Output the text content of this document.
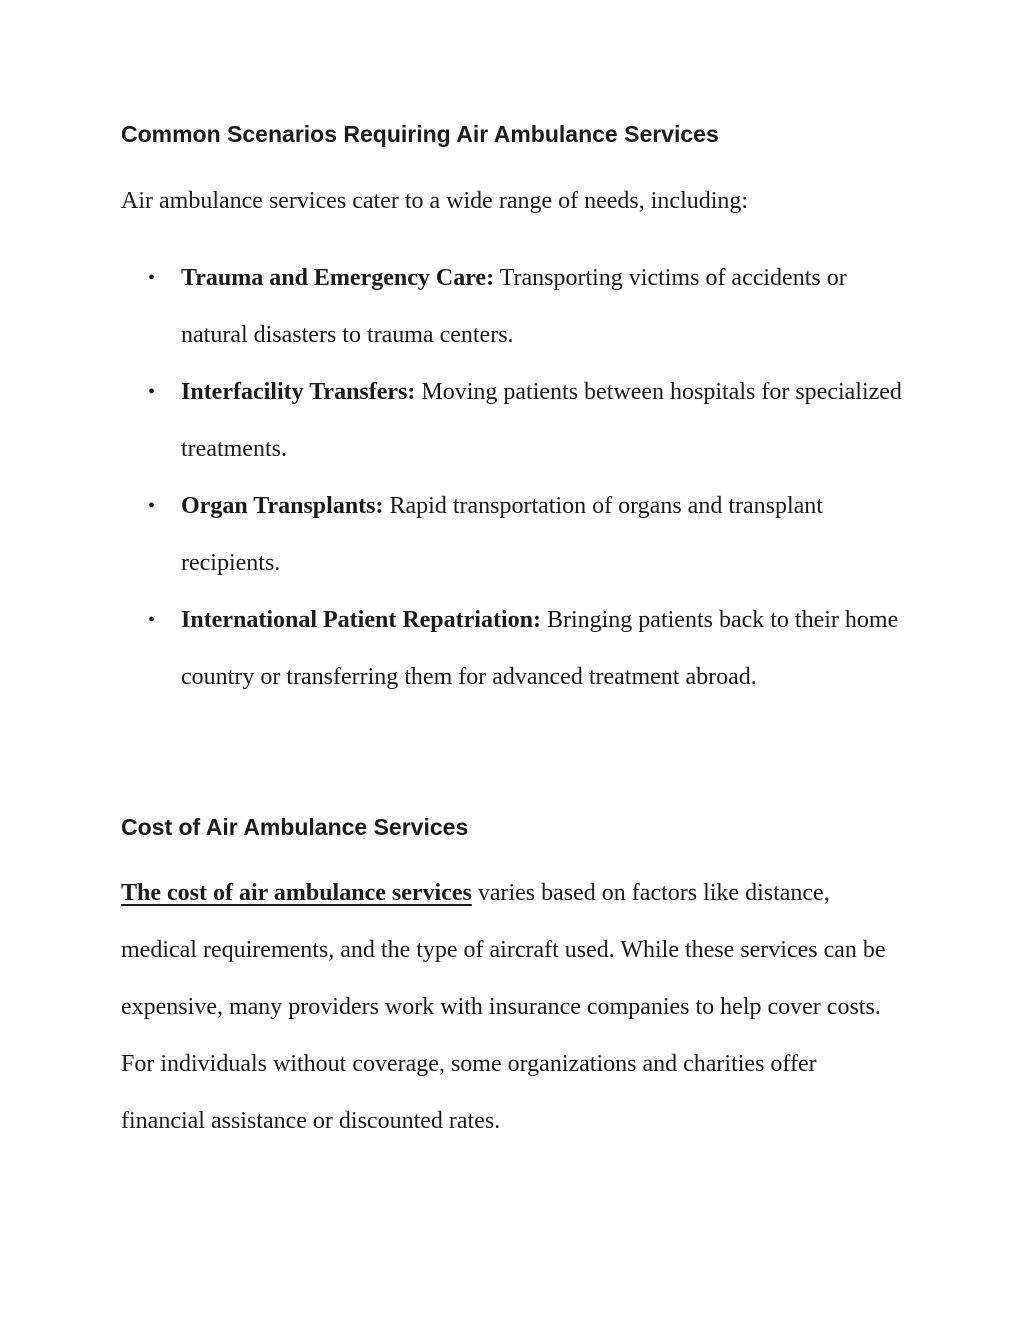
Common Scenarios Requiring Air Ambulance Services

Air ambulance services cater to a wide range of needs, including:

• Trauma and Emergency Care: Transporting victims of accidents or natural disasters to trauma centers.
• Interfacility Transfers: Moving patients between hospitals for specialized treatments.
• Organ Transplants: Rapid transportation of organs and transplant recipients.
• International Patient Repatriation: Bringing patients back to their home country or transferring them for advanced treatment abroad.
Cost of Air Ambulance Services

The cost of air ambulance services varies based on factors like distance, medical requirements, and the type of aircraft used. While these services can be expensive, many providers work with insurance companies to help cover costs. For individuals without coverage, some organizations and charities offer financial assistance or discounted rates.
